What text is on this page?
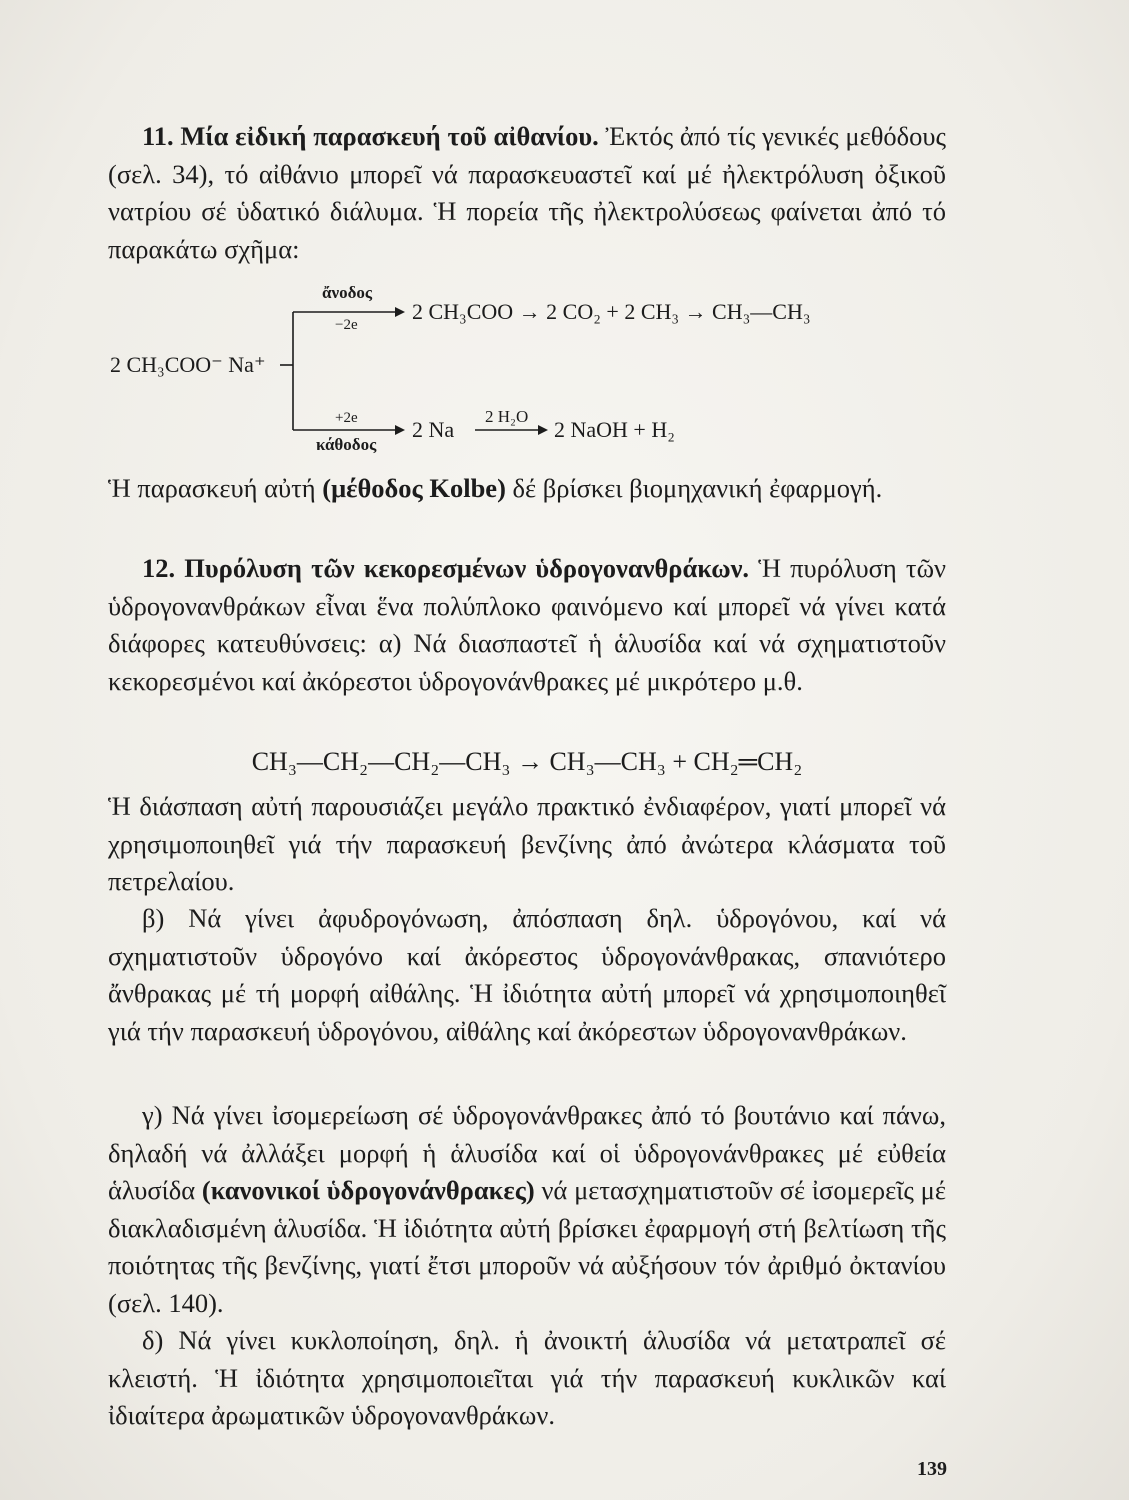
11. Μία εἰδική παρασκευή τοῦ αἰθανίου. Ἐκτός ἀπό τίς γενικές μεθόδους (σελ. 34), τό αἰθάνιο μπορεῖ νά παρασκευαστεῖ καί μέ ἠλεκτρόλυση ὀξικοῦ νατρίου σέ ὑδατικό διάλυμα. Ἡ πορεία τῆς ἠλεκτρολύσεως φαίνεται ἀπό τό παρακάτω σχῆμα:

2 CH₃COO⁻ Na⁺
ἄνοδος
−2e
2 CH₃COO → 2 CO₂ + 2 CH₃ → CH₃—CH₃
+2e
κάθοδος
2 Na
2 H₂O
2 NaOH + H₂

Ἡ παρασκευή αὐτή (μέθοδος Kolbe) δέ βρίσκει βιομηχανική ἐφαρμογή.

12. Πυρόλυση τῶν κεκορεσμένων ὑδρογονανθράκων. Ἡ πυρόλυση τῶν ὑδρογονανθράκων εἶναι ἕνα πολύπλοκο φαινόμενο καί μπορεῖ νά γίνει κατά διάφορες κατευθύνσεις: α) Νά διασπαστεῖ ἡ ἁλυσίδα καί νά σχηματιστοῦν κεκορεσμένοι καί ἀκόρεστοι ὑδρογονάνθρακες μέ μικρότερο μ.θ.

CH₃—CH₂—CH₂—CH₃ → CH₃—CH₃ + CH₂═CH₂

Ἡ διάσπαση αὐτή παρουσιάζει μεγάλο πρακτικό ἐνδιαφέρον, γιατί μπορεῖ νά χρησιμοποιηθεῖ γιά τήν παρασκευή βενζίνης ἀπό ἀνώτερα κλάσματα τοῦ πετρελαίου.

β) Νά γίνει ἀφυδρογόνωση, ἀπόσπαση δηλ. ὑδρογόνου, καί νά σχηματιστοῦν ὑδρογόνο καί ἀκόρεστος ὑδρογονάνθρακας, σπανιότερο ἄνθρακας μέ τή μορφή αἰθάλης. Ἡ ἰδιότητα αὐτή μπορεῖ νά χρησιμοποιηθεῖ γιά τήν παρασκευή ὑδρογόνου, αἰθάλης καί ἀκόρεστων ὑδρογονανθράκων.

γ) Νά γίνει ἰσομερείωση σέ ὑδρογονάνθρακες ἀπό τό βουτάνιο καί πάνω, δηλαδή νά ἀλλάξει μορφή ἡ ἁλυσίδα καί οἱ ὑδρογονάνθρακες μέ εὐθεία ἁλυσίδα (κανονικοί ὑδρογονάνθρακες) νά μετασχηματιστοῦν σέ ἰσομερεῖς μέ διακλαδισμένη ἁλυσίδα. Ἡ ἰδιότητα αὐτή βρίσκει ἐφαρμογή στή βελτίωση τῆς ποιότητας τῆς βενζίνης, γιατί ἔτσι μποροῦν νά αὐξήσουν τόν ἀριθμό ὀκτανίου (σελ. 140).

δ) Νά γίνει κυκλοποίηση, δηλ. ἡ ἀνοικτή ἁλυσίδα νά μετατραπεῖ σέ κλειστή. Ἡ ἰδιότητα χρησιμοποιεῖται γιά τήν παρασκευή κυκλικῶν καί ἰδιαίτερα ἀρωματικῶν ὑδρογονανθράκων.

139
